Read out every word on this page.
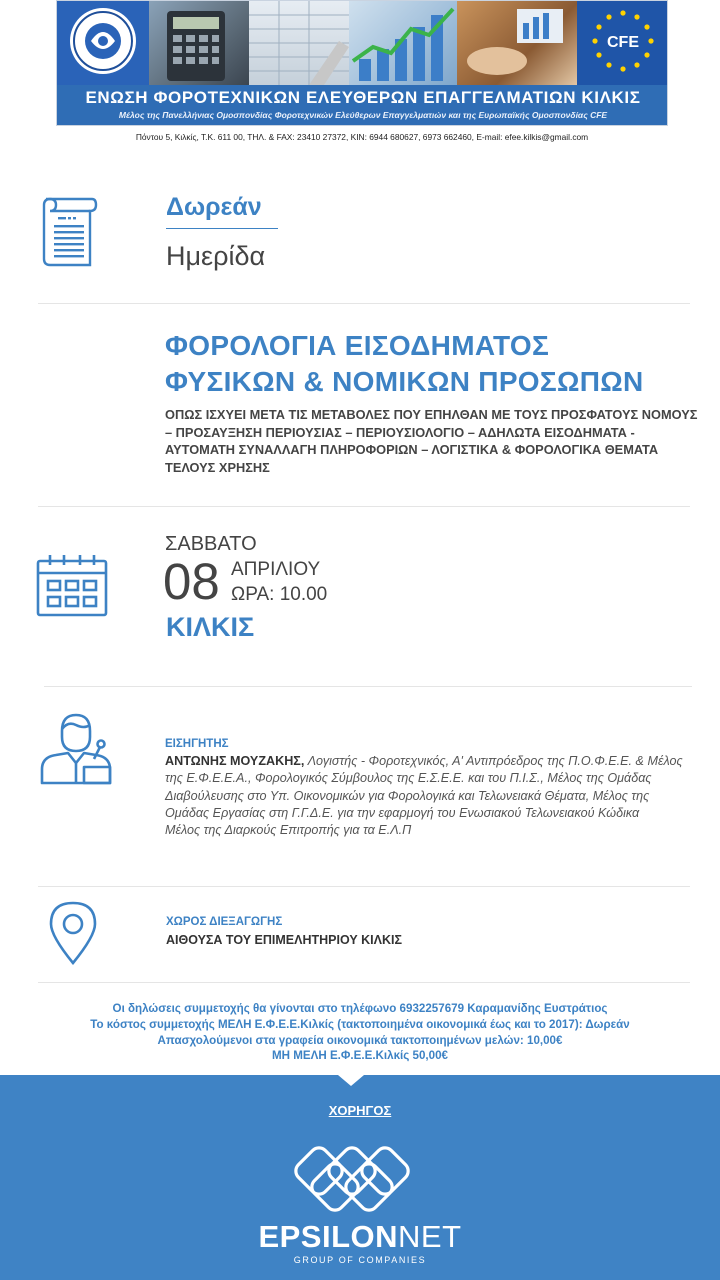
CFE
ΕΝΩΣΗ ΦΟΡΟΤΕΧΝΙΚΩΝ ΕΛΕΥΘΕΡΩΝ ΕΠΑΓΓΕΛΜΑΤΙΩΝ ΚΙΛΚΙΣ
Μέλος της Πανελλήνιας Ομοσπονδίας Φοροτεχνικών Ελεύθερων Επαγγελματιών και της Ευρωπαϊκής Ομοσπονδίας CFE
Πόντου 5, Κιλκίς, Τ.Κ. 611 00, ΤΗΛ. & FAX: 23410 27372, ΚΙΝ: 6944 680627, 6973 662460, E-mail: efee.kilkis@gmail.com
Δωρεάν
Ημερίδα
ΦΟΡΟΛΟΓΙΑ ΕΙΣΟΔΗΜΑΤΟΣ
ΦΥΣΙΚΩΝ & ΝΟΜΙΚΩΝ ΠΡΟΣΩΠΩΝ
ΟΠΩΣ ΙΣΧΥΕΙ ΜΕΤΑ ΤΙΣ ΜΕΤΑΒΟΛΕΣ ΠΟΥ ΕΠΗΛΘΑΝ ΜΕ ΤΟΥΣ ΠΡΟΣΦΑΤΟΥΣ ΝΟΜΟΥΣ – ΠΡΟΣΑΥΞΗΣΗ ΠΕΡΙΟΥΣΙΑΣ – ΠΕΡΙΟΥΣΙΟΛΟΓΙΟ – ΑΔΗΛΩΤΑ ΕΙΣΟΔΗΜΑΤΑ - ΑΥΤΟΜΑΤΗ ΣΥΝΑΛΛΑΓΗ ΠΛΗΡΟΦΟΡΙΩΝ – ΛΟΓΙΣΤΙΚΑ & ΦΟΡΟΛΟΓΙΚΑ ΘΕΜΑΤΑ ΤΕΛΟΥΣ ΧΡΗΣΗΣ
ΣΑΒΒΑΤΟ
08 ΑΠΡΙΛΙΟΥ
ΩΡΑ: 10.00
ΚΙΛΚΙΣ
ΕΙΣΗΓΗΤΗΣ
ΑΝΤΩΝΗΣ ΜΟΥΖΑΚΗΣ, Λογιστής - Φοροτεχνικός, Α' Αντιπρόεδρος της Π.Ο.Φ.Ε.Ε. & Μέλος της Ε.Φ.Ε.Ε.Α., Φορολογικός Σύμβουλος της Ε.Σ.Ε.Ε. και του Π.Ι.Σ., Μέλος της Ομάδας Διαβούλευσης στο Υπ. Οικονομικών για Φορολογικά και Τελωνειακά Θέματα, Μέλος της Ομάδας Εργασίας στη Γ.Γ.Δ.Ε. για την εφαρμογή του Ενωσιακού Τελωνειακού Κώδικα
Μέλος της Διαρκούς Επιτροπής για τα Ε.Λ.Π
ΧΩΡΟΣ ΔΙΕΞΑΓΩΓΗΣ
ΑΙΘΟΥΣΑ ΤΟΥ ΕΠΙΜΕΛΗΤΗΡΙΟΥ ΚΙΛΚΙΣ
Οι δηλώσεις συμμετοχής θα γίνονται στο τηλέφωνο 6932257679 Καραμανίδης Ευστράτιος
Το κόστος συμμετοχής ΜΕΛΗ Ε.Φ.Ε.Ε.Κιλκίς (τακτοποιημένα οικονομικά έως και το 2017): Δωρεάν
Απασχολούμενοι στα γραφεία οικονομικά τακτοποιημένων μελών: 10,00€
ΜΗ ΜΕΛΗ Ε.Φ.Ε.Ε.Κιλκίς 50,00€
ΧΟΡΗΓΟΣ
EPSILONNET
GROUP OF COMPANIES
